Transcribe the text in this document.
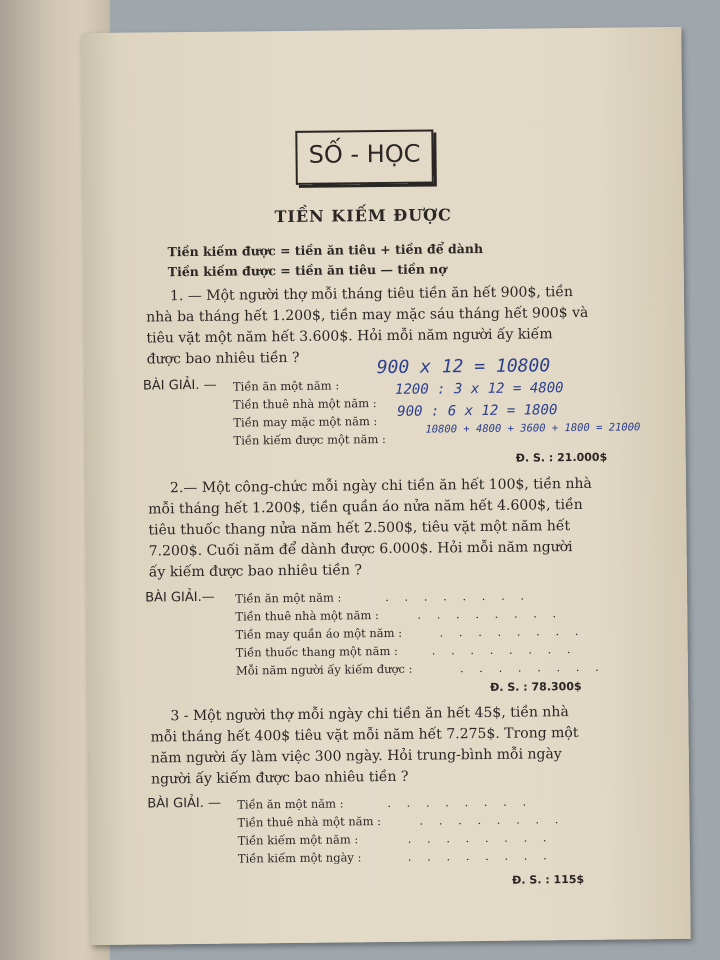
SỐ - HỌC
TIỀN KIẾM ĐƯỢC
Tiền kiếm được = tiền ăn tiêu + tiền để dành
Tiền kiếm được = tiền ăn tiêu — tiền nợ
1. — Một người thợ mỗi tháng tiêu tiền ăn hết 900$, tiền
nhà ba tháng hết 1.200$, tiền may mặc sáu tháng hết 900$ và
tiêu vặt một năm hết 3.600$. Hỏi mỗi năm người ấy kiếm
được bao nhiêu tiền ?
BÀI GIẢI. — Tiền ăn một năm :
Tiền thuê nhà một năm :
Tiền may mặc một năm :
Tiền kiếm được một năm :
900 x 12 = 10800
1200 : 3 x 12 = 4800
900 : 6 x 12 = 1800
10800 + 4800 + 3600 + 1800 = 21000
Đ. S. : 21.000$
2.— Một công-chức mỗi ngày chi tiền ăn hết 100$, tiền nhà
mỗi tháng hết 1.200$, tiền quần áo nửa năm hết 4.600$, tiền
tiêu thuốc thang nửa năm hết 2.500$, tiêu vặt một năm hết
7.200$. Cuối năm để dành được 6.000$. Hỏi mỗi năm người
ấy kiếm được bao nhiêu tiền ?
BÀI GIẢI.— Tiền ăn một năm :
Tiền thuê nhà một năm :
Tiền may quần áo một năm :
Tiền thuốc thang một năm :
Mỗi năm người ấy kiếm được :
. . . . . . . .
. . . . . . . .
. . . . . . . .
. . . . . . . .
. . . . . . . .
Đ. S. : 78.300$
3 - Một người thợ mỗi ngày chi tiền ăn hết 45$, tiền nhà
mỗi tháng hết 400$ tiêu vặt mỗi năm hết 7.275$. Trong một
năm người ấy làm việc 300 ngày. Hỏi trung-bình mỗi ngày
người ấy kiếm được bao nhiêu tiền ?
BÀI GIẢI. — Tiền ăn một năm :
Tiền thuê nhà một năm :
Tiền kiếm một năm :
Tiền kiếm một ngày :
. . . . . . . .
. . . . . . . .
. . . . . . . .
. . . . . . . .
Đ. S. : 115$
